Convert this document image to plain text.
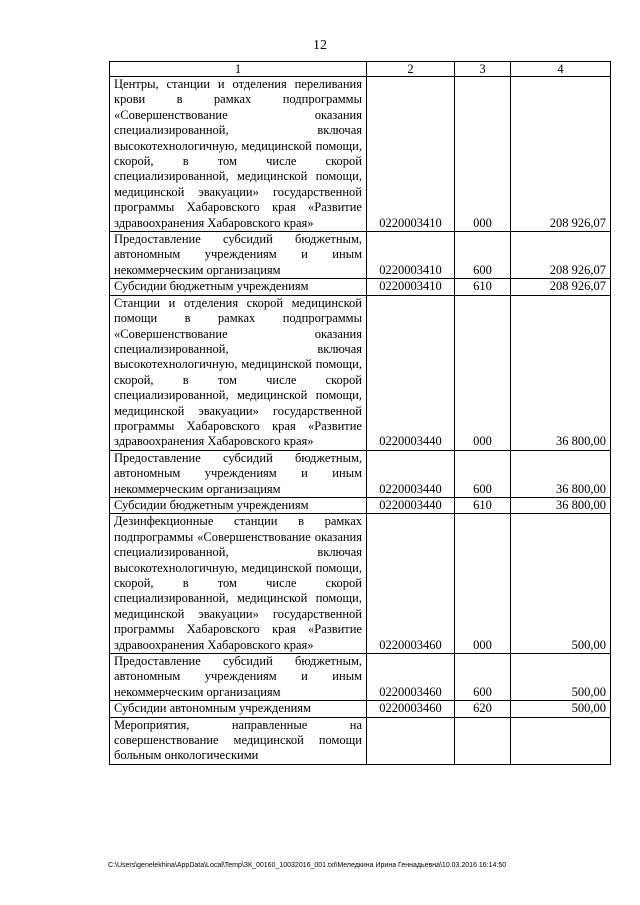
12
1	2	3	4
Центры, станции и отделения переливания крови в рамках подпрограммы «Совершенствование оказания специализированной, включая высокотехнологичную, медицинской помощи, скорой, в том числе скорой специализированной, медицинской помощи, медицинской эвакуации» государственной программы Хабаровского края «Развитие здравоохранения Хабаровского края»	0220003410	000	208 926,07
Предоставление субсидий бюджетным, автономным учреждениям и иным некоммерческим организациям	0220003410	600	208 926,07
Субсидии бюджетным учреждениям	0220003410	610	208 926,07
Станции и отделения скорой медицинской помощи в рамках подпрограммы «Совершенствование оказания специализированной, включая высокотехнологичную, медицинской помощи, скорой, в том числе скорой специализированной, медицинской помощи, медицинской эвакуации» государственной программы Хабаровского края «Развитие здравоохранения Хабаровского края»	0220003440	000	36 800,00
Предоставление субсидий бюджетным, автономным учреждениям и иным некоммерческим организациям	0220003440	600	36 800,00
Субсидии бюджетным учреждениям	0220003440	610	36 800,00
Дезинфекционные станции в рамках подпрограммы «Совершенствование оказания специализированной, включая высокотехнологичную, медицинской помощи, скорой, в том числе скорой специализированной, медицинской помощи, медицинской эвакуации» государственной программы Хабаровского края «Развитие здравоохранения Хабаровского края»	0220003460	000	500,00
Предоставление субсидий бюджетным, автономным учреждениям и иным некоммерческим организациям	0220003460	600	500,00
Субсидии автономным учреждениям	0220003460	620	500,00
Мероприятия, направленные на совершенствование медицинской помощи больным онкологическими			
C:\Users\genelekhina\AppData\Local\Temp\ЗК_00160_10032016_001.txt\Меледкина Ирина Геннадьевна\10.03.2016 16:14:50
